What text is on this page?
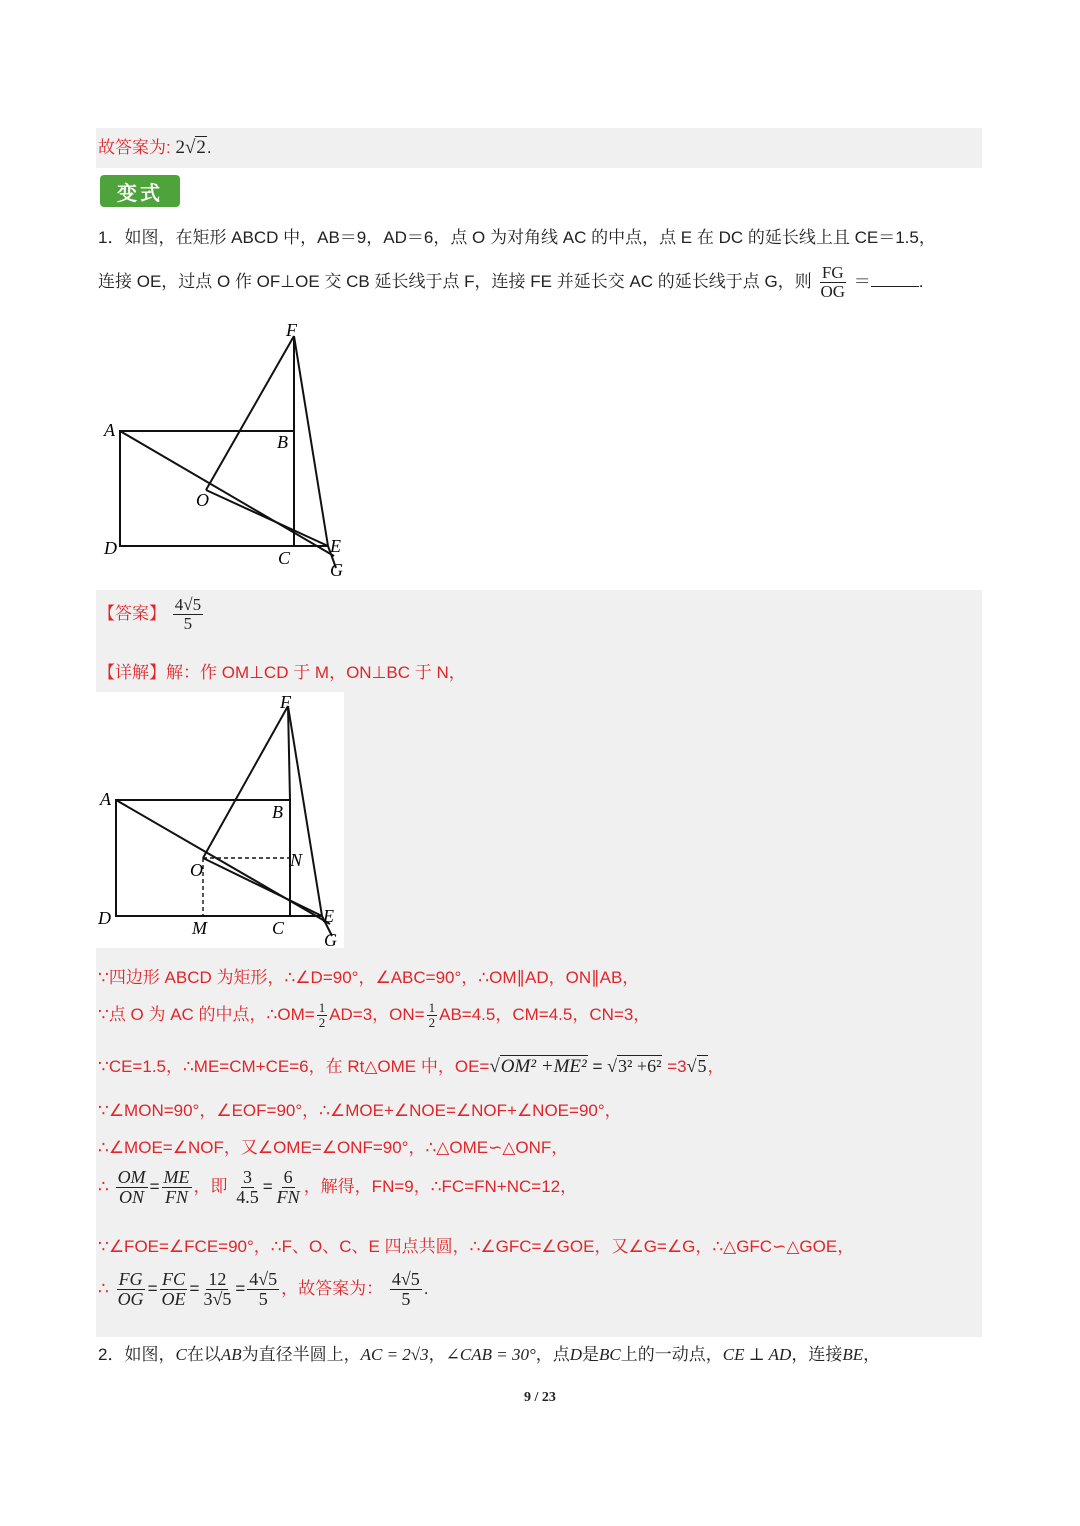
故答案为: 2√2.
变式
1．如图，在矩形 ABCD 中，AB＝9，AD＝6，点 O 为对角线 AC 的中点，点 E 在 DC 的延长线上且 CE＝1.5，
连接 OE，过点 O 作 OF⊥OE 交 CB 延长线于点 F，连接 FE 并延长交 AC 的延长线于点 G，则 $\frac{FG}{OG}$ ＝	.
F
A
B
O
D	C
E
G
【答案】 $\frac{4√5}{5}$
【详解】解：作 OM⊥CD 于 M，ON⊥BC 于 N，
F
A
B
N
O
D	M	C
E
G
∵四边形 ABCD 为矩形，∴∠D=90°，∠ABC=90°，∴OM∥AD，ON∥AB，
∵点 O 为 AC 的中点，∴OM= $\frac{1}{2} AD=3$，$ON= \frac{1}{2} AB=4.5$，CM=4.5，CN=3，
∵CE=1.5，∴ME=CM+CE=6，在 Rt△OME 中，OE=√OM² +ME² = √3² +6² =3√5，
∵∠MON=90°，∠EOF=90°，∴∠MOE+∠NOE=∠NOF+∠NOE=90°，
∴∠MOE=∠NOF，又∠OME=∠ONF=90°，∴△OME∽△ONF，
∴ $\frac{OM}{ON} = \frac{ME}{FN}$ ，即 $\frac{3}{4.5} = \frac{6}{FN}$ ，解得，FN=9，∴FC=FN+NC=12，
∵∠FOE=∠FCE=90°，∴F、O、C、E 四点共圆，∴∠GFC=∠GOE，又∠G=∠G，∴△GFC∽△GOE，
∴ $\frac{FG}{OG} = \frac{FC}{OE} = \frac{12}{3√5} = \frac{4√5}{5}$ ，故答案为： $\frac{4√5}{5}$ .
2．如图，C在以AB为直径半圆上，AC = 2√3，∠CAB = 30°，点D是BC上的一动点，CE ⊥ AD，连接BE，
9 / 23
